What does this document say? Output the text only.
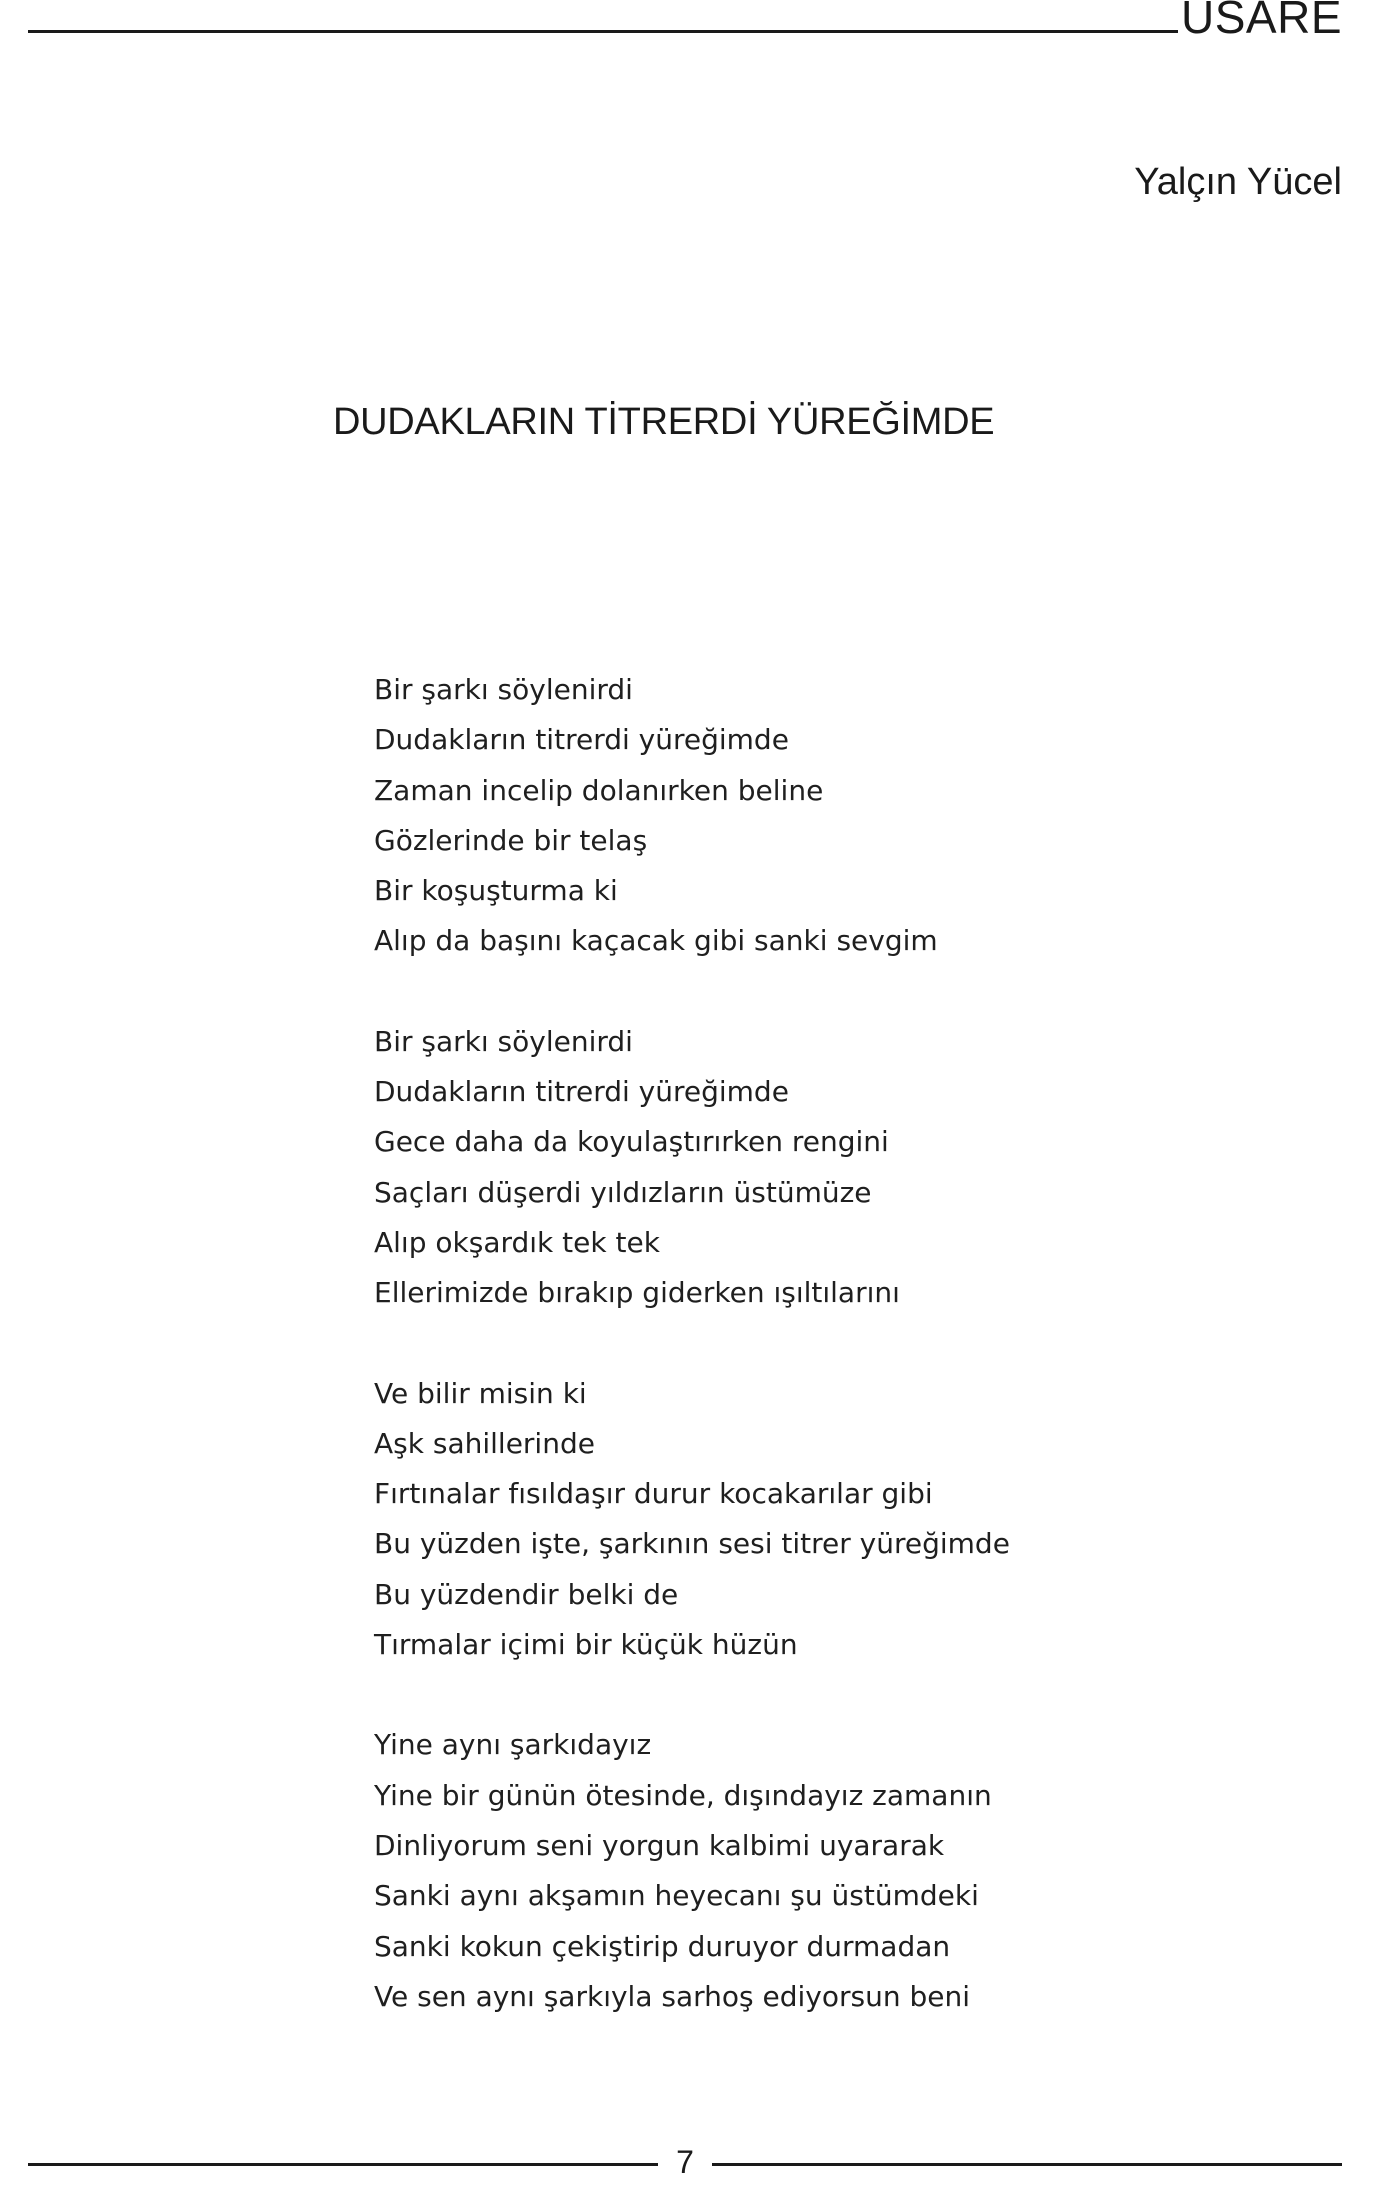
USARE
Yalçın Yücel
DUDAKLARIN TİTRERDİ YÜREĞİMDE
Bir şarkı söylenirdi
Dudakların titrerdi yüreğimde
Zaman incelip dolanırken beline
Gözlerinde bir telaş
Bir koşuşturma ki
Alıp da başını kaçacak gibi sanki sevgim
Bir şarkı söylenirdi
Dudakların titrerdi yüreğimde
Gece daha da koyulaştırırken rengini
Saçları düşerdi yıldızların üstümüze
Alıp okşardık tek tek
Ellerimizde bırakıp giderken ışıltılarını
Ve bilir misin ki
Aşk sahillerinde
Fırtınalar fısıldaşır durur kocakarılar gibi
Bu yüzden işte, şarkının sesi titrer yüreğimde
Bu yüzdendir belki de
Tırmalar içimi bir küçük hüzün
Yine aynı şarkıdayız
Yine bir günün ötesinde, dışındayız zamanın
Dinliyorum seni yorgun kalbimi uyararak
Sanki aynı akşamın heyecanı şu üstümdeki
Sanki kokun çekiştirip duruyor durmadan
Ve sen aynı şarkıyla sarhoş ediyorsun beni
7
